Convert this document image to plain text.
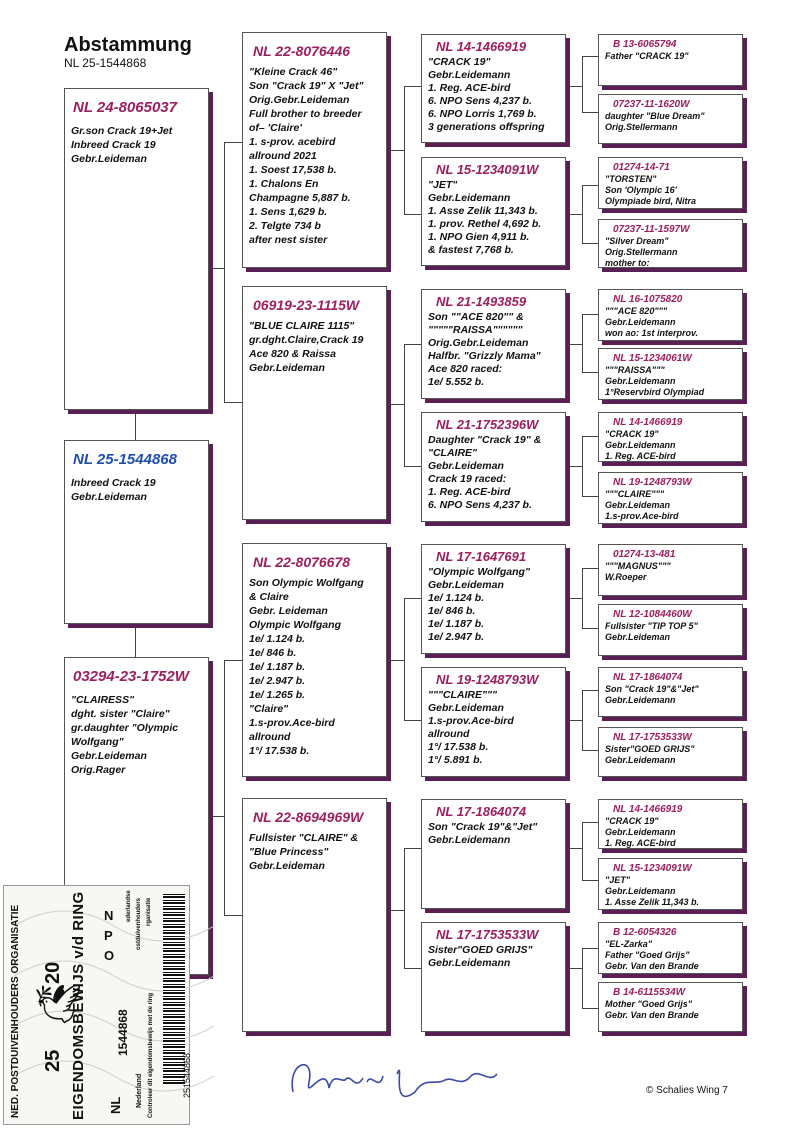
Abstammung
NL 25-1544868
NL 24-8065037
Gr.son Crack 19+Jet
Inbreed Crack 19
Gebr.Leideman
NL 25-1544868
Inbreed Crack 19
Gebr.Leideman
03294-23-1752W
"CLAIRESS"
dght. sister "Claire"
gr.daughter "Olympic
Wolfgang"
Gebr.Leideman
Orig.Rager
NL 22-8076446
"Kleine Crack 46"
Son "Crack 19" X "Jet"
Orig.Gebr.Leideman
Full brother to breeder
of– 'Claire'
1. s-prov. acebird
allround 2021
1. Soest 17,538 b.
1. Chalons En
Champagne 5,887 b.
1. Sens 1,629 b.
2. Telgte 734 b
after nest sister
06919-23-1115W
"BLUE CLAIRE 1115"
gr.dght.Claire,Crack 19
Ace 820 & Raissa
Gebr.Leideman
NL 22-8076678
Son Olympic Wolfgang
& Claire
Gebr. Leideman
Olympic Wolfgang
1e/ 1.124 b.
1e/ 846 b.
1e/ 1.187 b.
1e/ 2.947 b.
1e/ 1.265 b.
"Claire"
1.s-prov.Ace-bird
allround
1°/ 17.538 b.
NL 22-8694969W
Fullsister "CLAIRE" &
"Blue Princess"
Gebr.Leideman
NL 14-1466919
"CRACK 19"
Gebr.Leidemann
1. Reg. ACE-bird
6. NPO Sens 4,237 b.
6. NPO Lorris 1,769 b.
3 generations offspring
NL 15-1234091W
"JET"
Gebr.Leidemann
1. Asse Zelik 11,343 b.
1. prov. Rethel 4,692 b.
1. NPO Gien 4,911 b.
& fastest 7,768 b.
NL 21-1493859
Son ""ACE 820"" &
"""""RAISSA""""""
Orig.Gebr.Leideman
Halfbr. "Grizzly Mama"
Ace 820 raced:
1e/ 5.552 b.
NL 21-1752396W
Daughter "Crack 19" &
"CLAIRE"
Gebr.Leideman
Crack 19 raced:
1. Reg. ACE-bird
6. NPO Sens 4,237 b.
NL 17-1647691
"Olympic Wolfgang"
Gebr.Leideman
1e/ 1.124 b.
1e/ 846 b.
1e/ 1.187 b.
1e/ 2.947 b.
NL 19-1248793W
"""CLAIRE"""
Gebr.Leideman
1.s-prov.Ace-bird
allround
1°/ 17.538 b.
1°/ 5.891 b.
NL 17-1864074
Son "Crack 19"&"Jet"
Gebr.Leidemann
NL 17-1753533W
Sister"GOED GRIJS"
Gebr.Leidemann
B 13-6065794
Father "CRACK 19"
07237-11-1620W
daughter "Blue Dream"
Orig.Stellermann
01274-14-71
"TORSTEN"
Son 'Olympic 16'
Olympiade bird, Nitra
07237-11-1597W
"Silver Dream"
Orig.Stellermann
mother to:
NL 16-1075820
"""ACE 820"""
Gebr.Leidemann
won ao: 1st interprov.
NL 15-1234061W
"""RAISSA"""
Gebr.Leidemann
1°Reservbird Olympiad
NL 14-1466919
"CRACK 19"
Gebr.Leidemann
1. Reg. ACE-bird
NL 19-1248793W
"""CLAIRE"""
Gebr.Leideman
1.s-prov.Ace-bird
01274-13-481
"""MAGNUS"""
W.Roeper
NL 12-1084460W
Fullsister "TIP TOP 5"
Gebr.Leideman
NL 17-1864074
Son "Crack 19"&"Jet"
Gebr.Leidemann
NL 17-1753533W
Sister"GOED GRIJS"
Gebr.Leidemann
NL 14-1466919
"CRACK 19"
Gebr.Leidemann
1. Reg. ACE-bird
NL 15-1234091W
"JET"
Gebr.Leidemann
1. Asse Zelik 11,343 b.
B 12-6054326
"EL-Zarka"
Father "Goed Grijs"
Gebr. Van den Brande
B 14-6115534W
Mother "Goed Grijs"
Gebr. Van den Brande
NED. POSTDUIVENHOUDERS ORGANISATIE	EIGENDOMSBEWIJS v/d RING
20
25
🕊
N
P
O
ederlandse ostduivenhouders rganisatie
NL
1544868
Nederland Controleer dit eigendomsbewijs met de ring	251544868	© Schalies Wing 7
